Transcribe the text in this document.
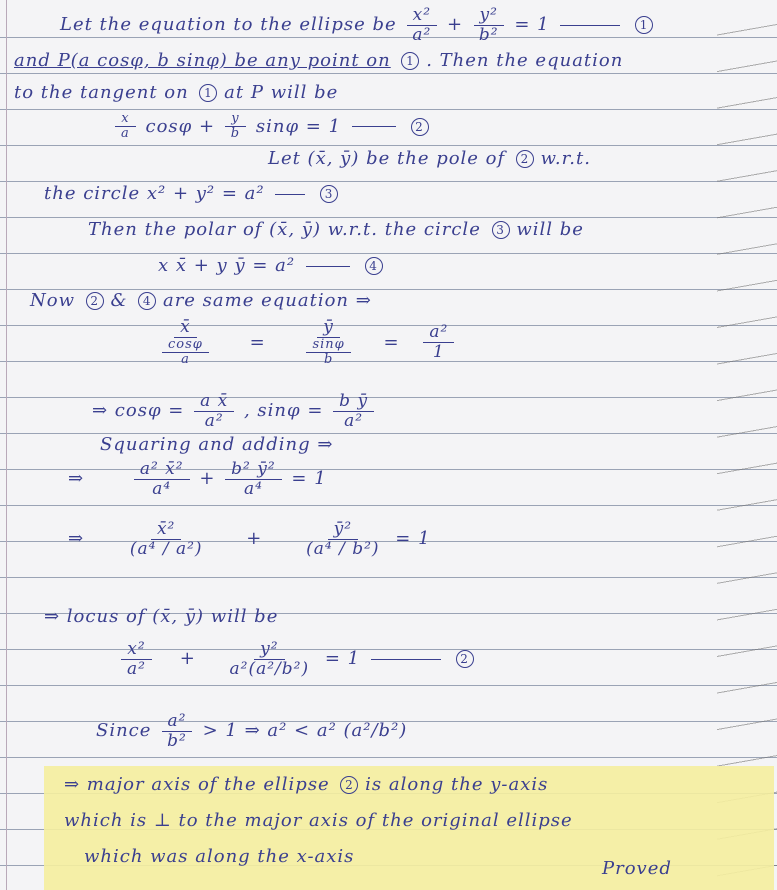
Let the equation to the ellipse be $\frac{\text{x²}}{\text{a²}} + \frac{\text{y²}}{\text{b²}} = 1$	1
and P(a cosφ, b sinφ) be any point on 1 . Then the equation
to the tangent on 1 at P will be
$\frac{x}{a}$ $\cos\varphi + \frac{y}{b}$ sinφ = 1	2
Let (x̄, ȳ) be the pole of 2 w.r.t.
the circle x² + y² = a²	3
Then the polar of (x̄, ȳ) w.r.t. the circle 3 will be
x x̄ + y ȳ = a²	4
Now 2 & 4 are same equation ⇒
$\frac{x̄}{\frac{\cos\varphi}{a}} = \frac{ȳ}{\frac{\sin\varphi}{b}} = \frac{\text{a²}}{1}$
⇒ $\cos\varphi = \frac{\text{a x̄}}{\text{a²}}$ , $\sin\varphi = \frac{\text{b ȳ}}{\text{a²}}$
Squaring and adding ⇒
⇒	$\frac{\text{a² x̄²}}{\text{a⁴}} + \frac{\text{b² ȳ²}}{\text{a⁴}} = 1$
⇒ $\frac{\text{x̄²}}{\text{(a⁴ / a²)}} + \frac{\text{ȳ²}}{\text{(a⁴ / b²)}} = 1$
⇒ locus of (x̄, ȳ) will be
$\frac{\text{x²}}{\text{a²}} + \frac{\text{y²}}{\text{a²(a²/b²)}} = 1$	2
Since $\frac{\text{a²}}{\text{b²}} > 1$ ⇒ a² < a² (a²/b²)
⇒ major axis of the ellipse 2 is along the y-axis
which is ⊥ to the major axis of the original ellipse
which was along the x-axis
Proved
